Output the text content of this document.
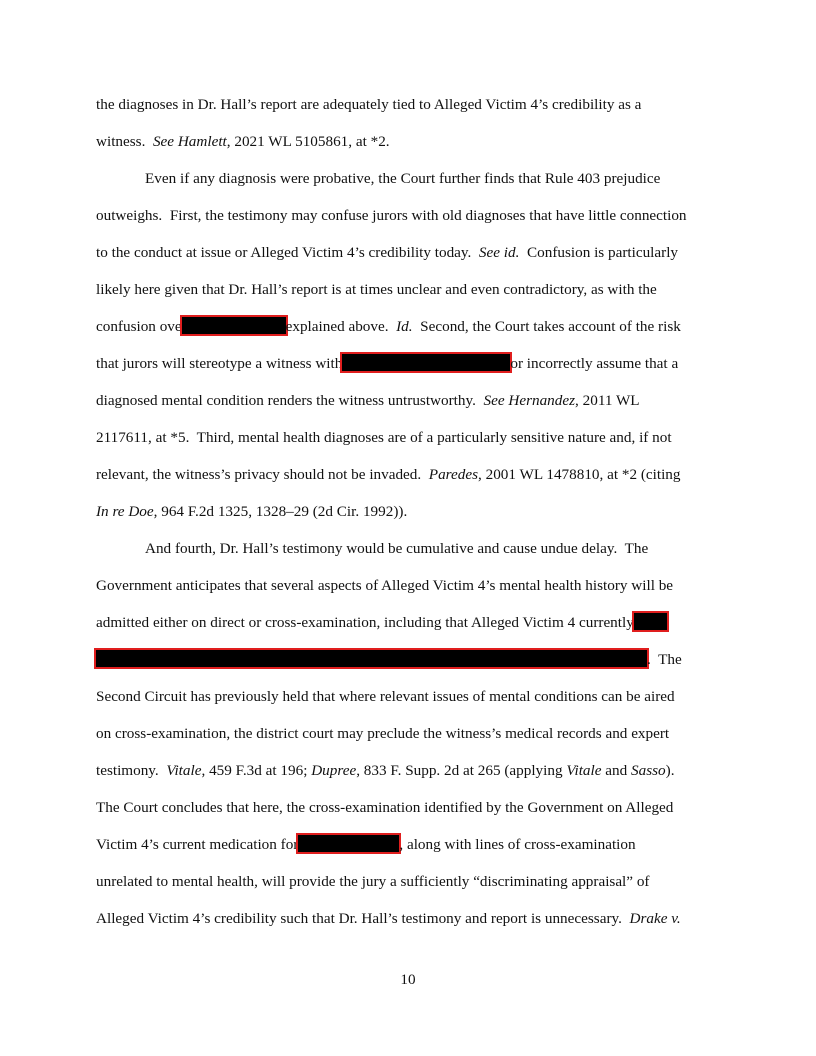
the diagnoses in Dr. Hall’s report are adequately tied to Alleged Victim 4’s credibility as a
witness.  See Hamlett, 2021 WL 5105861, at *2.
Even if any diagnosis were probative, the Court further finds that Rule 403 prejudice
outweighs.  First, the testimony may confuse jurors with old diagnoses that have little connection
to the conduct at issue or Alleged Victim 4’s credibility today.  See id.  Confusion is particularly
likely here given that Dr. Hall’s report is at times unclear and even contradictory, as with the
confusion ove	explained above.  Id.  Second, the Court takes account of the risk
that jurors will stereotype a witness with	or incorrectly assume that a
diagnosed mental condition renders the witness untrustworthy.  See Hernandez, 2011 WL
2117611, at *5.  Third, mental health diagnoses are of a particularly sensitive nature and, if not
relevant, the witness’s privacy should not be invaded.  Paredes, 2001 WL 1478810, at *2 (citing
In re Doe, 964 F.2d 1325, 1328–29 (2d Cir. 1992)).
And fourth, Dr. Hall’s testimony would be cumulative and cause undue delay.  The
Government anticipates that several aspects of Alleged Victim 4’s mental health history will be
admitted either on direct or cross-examination, including that Alleged Victim 4 currently
.  The
Second Circuit has previously held that where relevant issues of mental conditions can be aired
on cross-examination, the district court may preclude the witness’s medical records and expert
testimony.  Vitale, 459 F.3d at 196; Dupree, 833 F. Supp. 2d at 265 (applying Vitale and Sasso).
The Court concludes that here, the cross-examination identified by the Government on Alleged
Victim 4’s current medication for	, along with lines of cross-examination
unrelated to mental health, will provide the jury a sufficiently “discriminating appraisal” of
Alleged Victim 4’s credibility such that Dr. Hall’s testimony and report is unnecessary.  Drake v.
10
